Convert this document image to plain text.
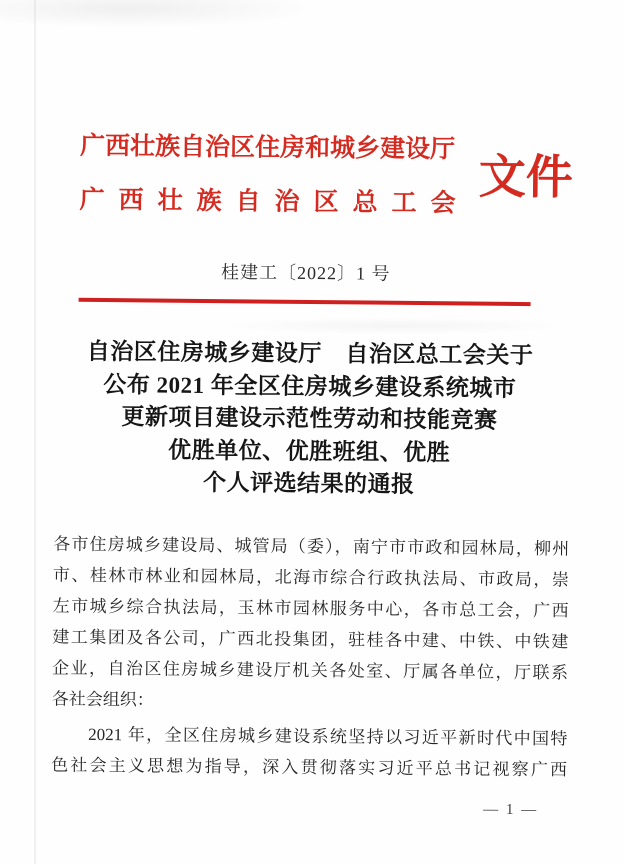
广西壮族自治区住房和城乡建设厅
广西壮族自治区总工会 文件
桂建工〔2022〕1 号
自治区住房城乡建设厅　自治区总工会关于
公布 2021 年全区住房城乡建设系统城市
更新项目建设示范性劳动和技能竞赛
优胜单位、优胜班组、优胜
个人评选结果的通报
各市住房城乡建设局、城管局（委），南宁市市政和园林局，柳州
市、桂林市林业和园林局，北海市综合行政执法局、市政局，崇
左市城乡综合执法局，玉林市园林服务中心，各市总工会，广西
建工集团及各公司，广西北投集团，驻桂各中建、中铁、中铁建
企业，自治区住房城乡建设厅机关各处室、厅属各单位，厅联系
各社会组织：
　　2021 年，全区住房城乡建设系统坚持以习近平新时代中国特
色社会主义思想为指导，深入贯彻落实习近平总书记视察广西
— 1 —
